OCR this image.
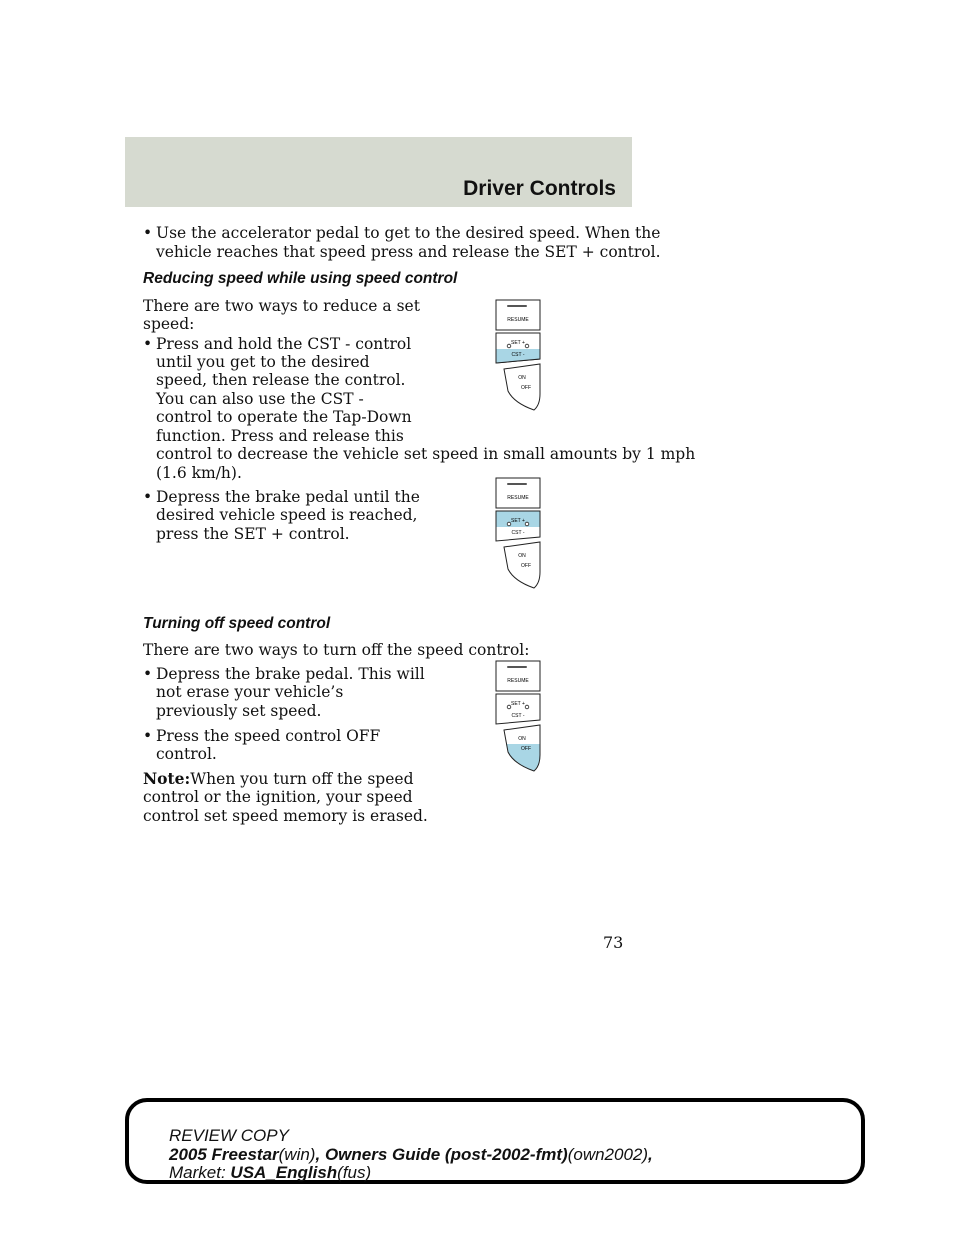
Driver Controls
• Use the accelerator pedal to get to the desired speed. When the

vehicle reaches that speed press and release the SET + control.

Reducing speed while using speed control

There are two ways to reduce a set

speed:

• Press and hold the CST - control

until you get to the desired

speed, then release the control.

You can also use the CST -

control to operate the Tap-Down

function. Press and release this

control to decrease the vehicle set speed in small amounts by 1 mph

(1.6 km/h).

• Depress the brake pedal until the

desired vehicle speed is reached,

press the SET + control.

Turning off speed control

There are two ways to turn off the speed control:

• Depress the brake pedal. This will

not erase your vehicle’s

previously set speed.

• Press the speed control OFF

control.

Note:When you turn off the speed

control or the ignition, your speed

control set speed memory is erased.

RESUME
SET +
CST -
ON
OFF
RESUME
SET +
CST -
ON
OFF
RESUME
SET +
CST -
ON
OFF
73
REVIEW COPY
2005 Freestar(win), Owners Guide (post-2002-fmt)(own2002),
Market: USA_English(fus)
